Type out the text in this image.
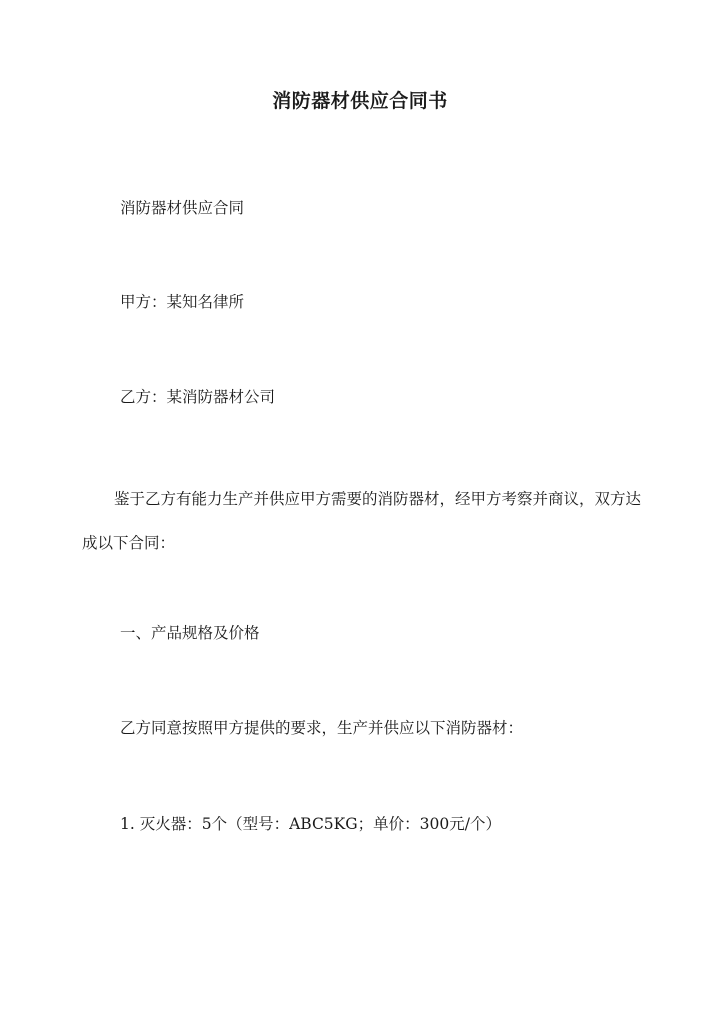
消防器材供应合同书
消防器材供应合同
甲方：某知名律所
乙方：某消防器材公司
鉴于乙方有能力生产并供应甲方需要的消防器材，经甲方考察并商议，双方达成以下合同：
一、产品规格及价格
乙方同意按照甲方提供的要求，生产并供应以下消防器材：
1. 灭火器：5个（型号：ABC5KG；单价：300元/个）
